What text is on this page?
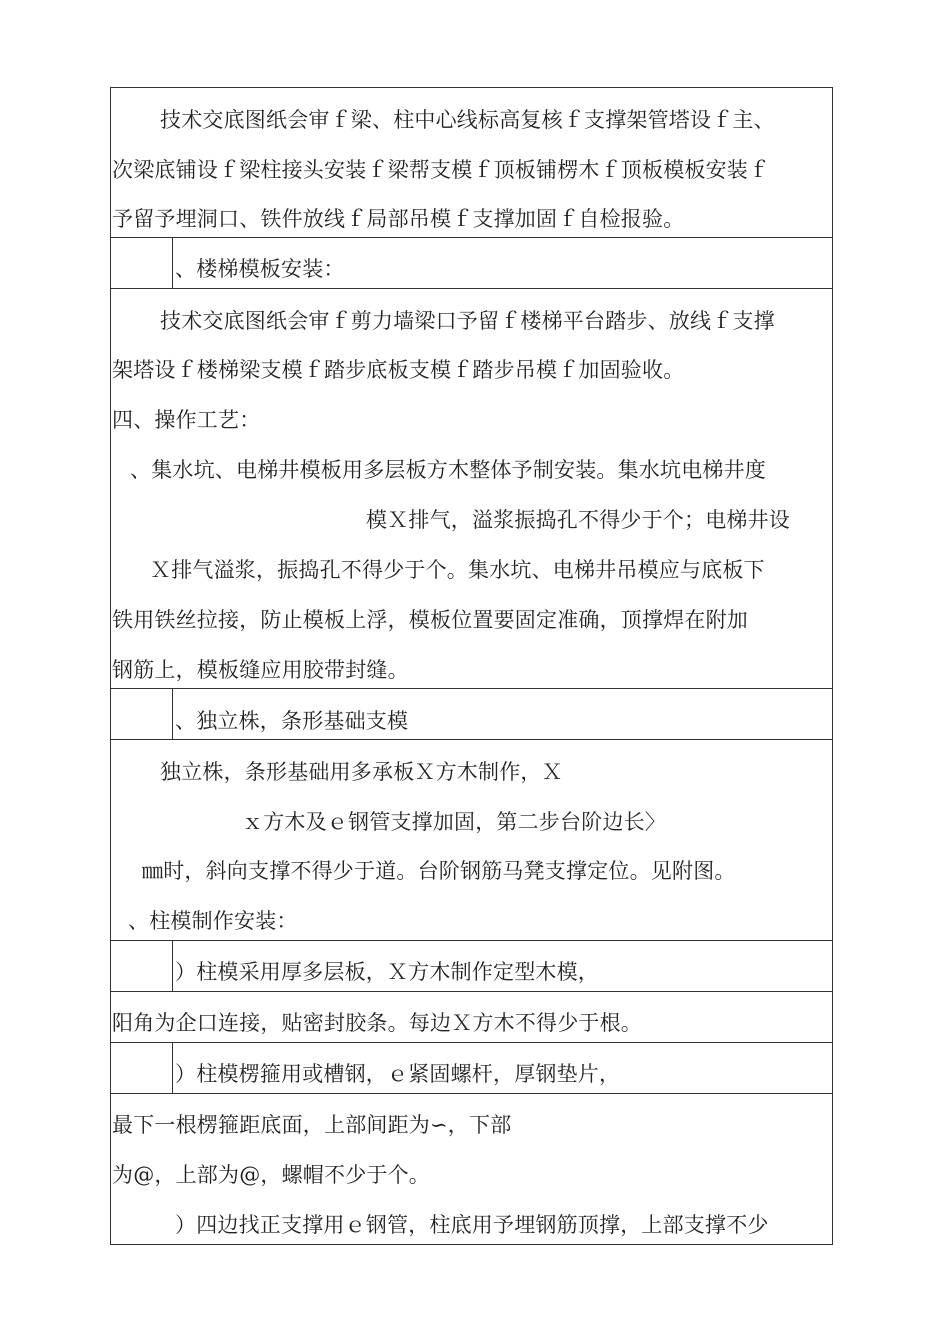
技术交底图纸会审ｆ梁、柱中心线标高复核ｆ支撑架管塔设ｆ主、
次梁底铺设ｆ梁柱接头安装ｆ梁帮支模ｆ顶板铺楞木ｆ顶板模板安装ｆ
予留予埋洞口、铁件放线ｆ局部吊模ｆ支撑加固ｆ自检报验。
、楼梯模板安装：
技术交底图纸会审ｆ剪力墙梁口予留ｆ楼梯平台踏步、放线ｆ支撑
架塔设ｆ楼梯梁支模ｆ踏步底板支模ｆ踏步吊模ｆ加固验收。
四、操作工艺：
、集水坑、电梯井模板用多层板方木整体予制安装。集水坑电梯井度
模Ｘ排气，溢浆振捣孔不得少于个；电梯井设
Ｘ排气溢浆，振捣孔不得少于个。集水坑、电梯井吊模应与底板下
铁用铁丝拉接，防止模板上浮，模板位置要固定准确，顶撑焊在附加
钢筋上，模板缝应用胶带封缝。
、独立株，条形基础支模
独立株，条形基础用多承板Ｘ方木制作，Ｘ
ｘ方木及ｅ钢管支撑加固，第二步台阶边长〉
㎜时，斜向支撑不得少于道。台阶钢筋马凳支撑定位。见附图。
、柱模制作安装：
）柱模采用厚多层板，Ｘ方木制作定型木模，
阳角为企口连接，贴密封胶条。每边Ｘ方木不得少于根。
）柱模楞箍用或槽钢，ｅ紧固螺杆，厚钢垫片，
最下一根楞箍距底面，上部间距为∽，下部
为@，上部为@，螺帽不少于个。
）四边找正支撑用ｅ钢管，柱底用予埋钢筋顶撑，上部支撑不少
